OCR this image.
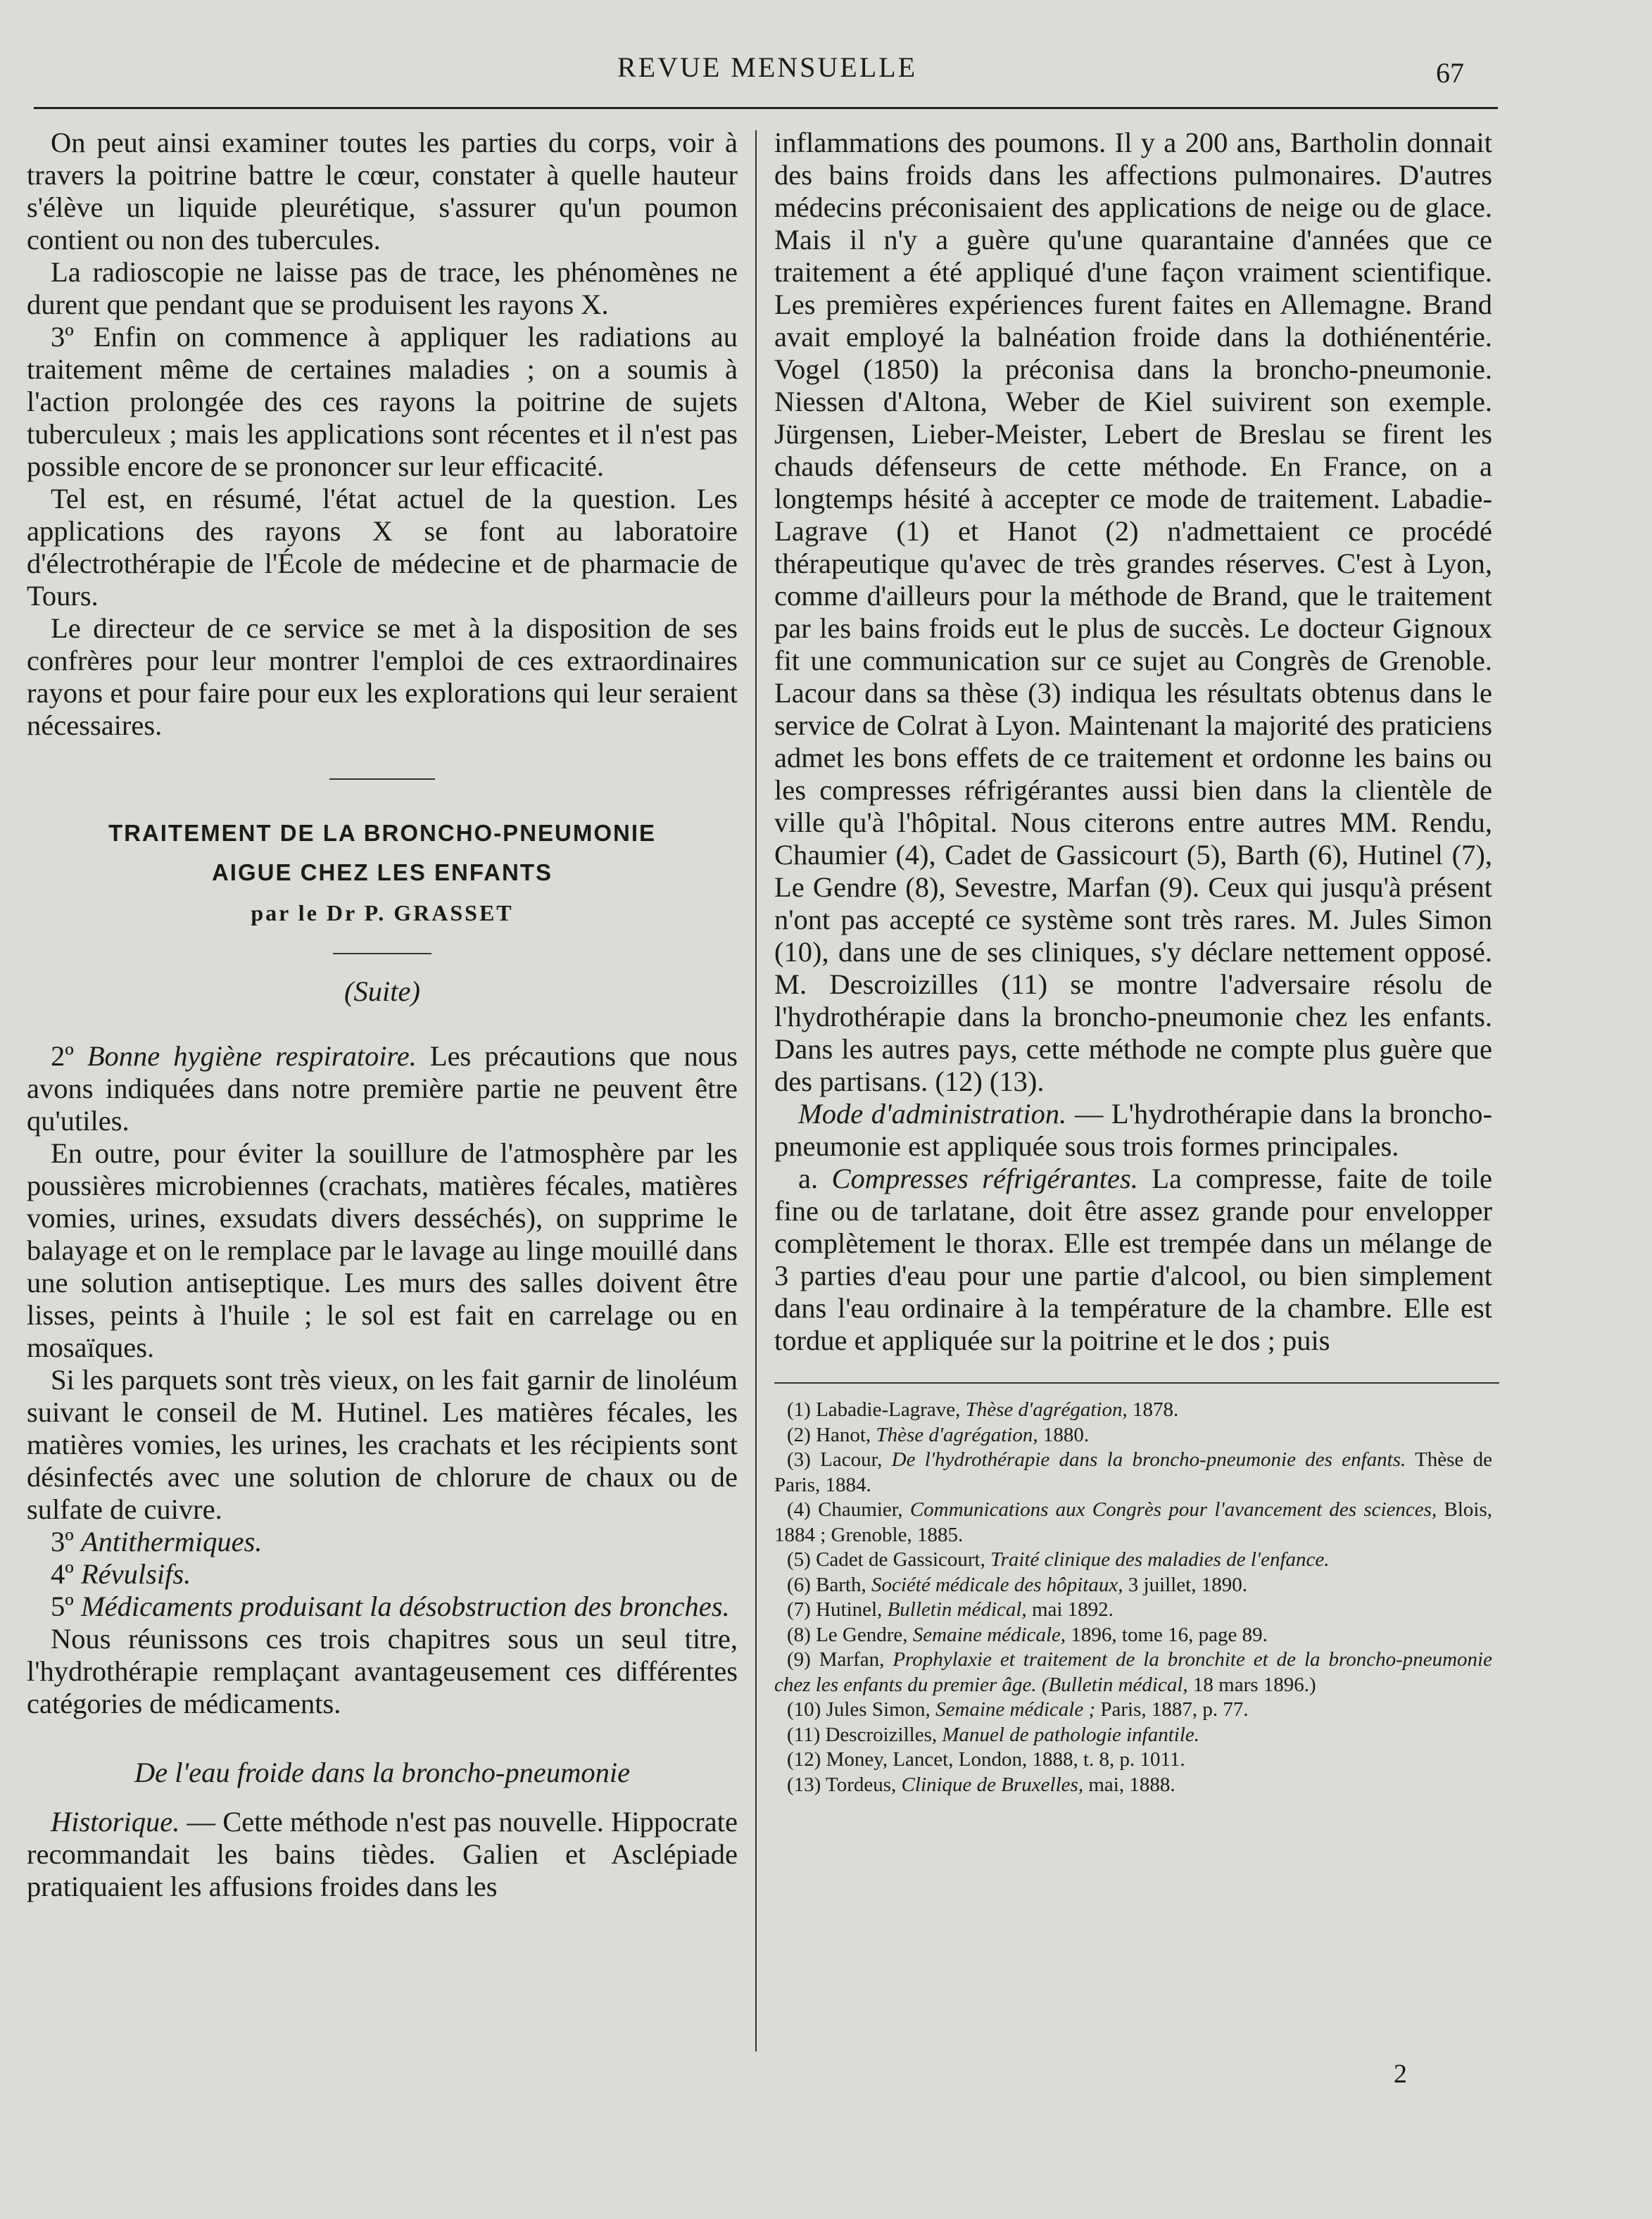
REVUE MENSUELLE	67

On peut ainsi examiner toutes les parties du corps, voir à travers la poitrine battre le cœur, constater à quelle hauteur s'élève un liquide pleurétique, s'assurer qu'un poumon contient ou non des tubercules.

La radioscopie ne laisse pas de trace, les phénomènes ne durent que pendant que se produisent les rayons X.

3º Enfin on commence à appliquer les radiations au traitement même de certaines maladies ; on a soumis à l'action prolongée des ces rayons la poitrine de sujets tuberculeux ; mais les applications sont récentes et il n'est pas possible encore de se prononcer sur leur efficacité.

Tel est, en résumé, l'état actuel de la question. Les applications des rayons X se font au laboratoire d'électrothérapie de l'École de médecine et de pharmacie de Tours.

Le directeur de ce service se met à la disposition de ses confrères pour leur montrer l'emploi de ces extraordinaires rayons et pour faire pour eux les explorations qui leur seraient nécessaires.

TRAITEMENT DE LA BRONCHO-PNEUMONIE
AIGUE CHEZ LES ENFANTS
par le Dr P. GRASSET
(Suite)

2º Bonne hygiène respiratoire. Les précautions que nous avons indiquées dans notre première partie ne peuvent être qu'utiles.

En outre, pour éviter la souillure de l'atmosphère par les poussières microbiennes (crachats, matières fécales, matières vomies, urines, exsudats divers desséchés), on supprime le balayage et on le remplace par le lavage au linge mouillé dans une solution antiseptique. Les murs des salles doivent être lisses, peints à l'huile ; le sol est fait en carrelage ou en mosaïques.

Si les parquets sont très vieux, on les fait garnir de linoléum suivant le conseil de M. Hutinel. Les matières fécales, les matières vomies, les urines, les crachats et les récipients sont désinfectés avec une solution de chlorure de chaux ou de sulfate de cuivre.

3º Antithermiques.

4º Révulsifs.

5º Médicaments produisant la désobstruction des bronches.

Nous réunissons ces trois chapitres sous un seul titre, l'hydrothérapie remplaçant avantageusement ces différentes catégories de médicaments.

De l'eau froide dans la broncho-pneumonie

Historique. — Cette méthode n'est pas nouvelle. Hippocrate recommandait les bains tièdes. Galien et Asclépiade pratiquaient les affusions froides dans les

inflammations des poumons. Il y a 200 ans, Bartholin donnait des bains froids dans les affections pulmonaires. D'autres médecins préconisaient des applications de neige ou de glace. Mais il n'y a guère qu'une quarantaine d'années que ce traitement a été appliqué d'une façon vraiment scientifique. Les premières expériences furent faites en Allemagne. Brand avait employé la balnéation froide dans la dothiénentérie. Vogel (1850) la préconisa dans la broncho-pneumonie. Niessen d'Altona, Weber de Kiel suivirent son exemple. Jürgensen, Lieber-Meister, Lebert de Breslau se firent les chauds défenseurs de cette méthode. En France, on a longtemps hésité à accepter ce mode de traitement. Labadie-Lagrave (1) et Hanot (2) n'admettaient ce procédé thérapeutique qu'avec de très grandes réserves. C'est à Lyon, comme d'ailleurs pour la méthode de Brand, que le traitement par les bains froids eut le plus de succès. Le docteur Gignoux fit une communication sur ce sujet au Congrès de Grenoble. Lacour dans sa thèse (3) indiqua les résultats obtenus dans le service de Colrat à Lyon. Maintenant la majorité des praticiens admet les bons effets de ce traitement et ordonne les bains ou les compresses réfrigérantes aussi bien dans la clientèle de ville qu'à l'hôpital. Nous citerons entre autres MM. Rendu, Chaumier (4), Cadet de Gassicourt (5), Barth (6), Hutinel (7), Le Gendre (8), Sevestre, Marfan (9). Ceux qui jusqu'à présent n'ont pas accepté ce système sont très rares. M. Jules Simon (10), dans une de ses cliniques, s'y déclare nettement opposé. M. Descroizilles (11) se montre l'adversaire résolu de l'hydrothérapie dans la broncho-pneumonie chez les enfants. Dans les autres pays, cette méthode ne compte plus guère que des partisans. (12) (13).

Mode d'administration. — L'hydrothérapie dans la broncho-pneumonie est appliquée sous trois formes principales.

a. Compresses réfrigérantes. La compresse, faite de toile fine ou de tarlatane, doit être assez grande pour envelopper complètement le thorax. Elle est trempée dans un mélange de 3 parties d'eau pour une partie d'alcool, ou bien simplement dans l'eau ordinaire à la température de la chambre. Elle est tordue et appliquée sur la poitrine et le dos ; puis

(1) Labadie-Lagrave, Thèse d'agrégation, 1878.

(2) Hanot, Thèse d'agrégation, 1880.

(3) Lacour, De l'hydrothérapie dans la broncho-pneumonie des enfants. Thèse de Paris, 1884.

(4) Chaumier, Communications aux Congrès pour l'avancement des sciences, Blois, 1884 ; Grenoble, 1885.

(5) Cadet de Gassicourt, Traité clinique des maladies de l'enfance.

(6) Barth, Société médicale des hôpitaux, 3 juillet, 1890.

(7) Hutinel, Bulletin médical, mai 1892.

(8) Le Gendre, Semaine médicale, 1896, tome 16, page 89.

(9) Marfan, Prophylaxie et traitement de la bronchite et de la broncho-pneumonie chez les enfants du premier âge. (Bulletin médical, 18 mars 1896.)

(10) Jules Simon, Semaine médicale ; Paris, 1887, p. 77.

(11) Descroizilles, Manuel de pathologie infantile.

(12) Money, Lancet, London, 1888, t. 8, p. 1011.

(13) Tordeus, Clinique de Bruxelles, mai, 1888.

2
